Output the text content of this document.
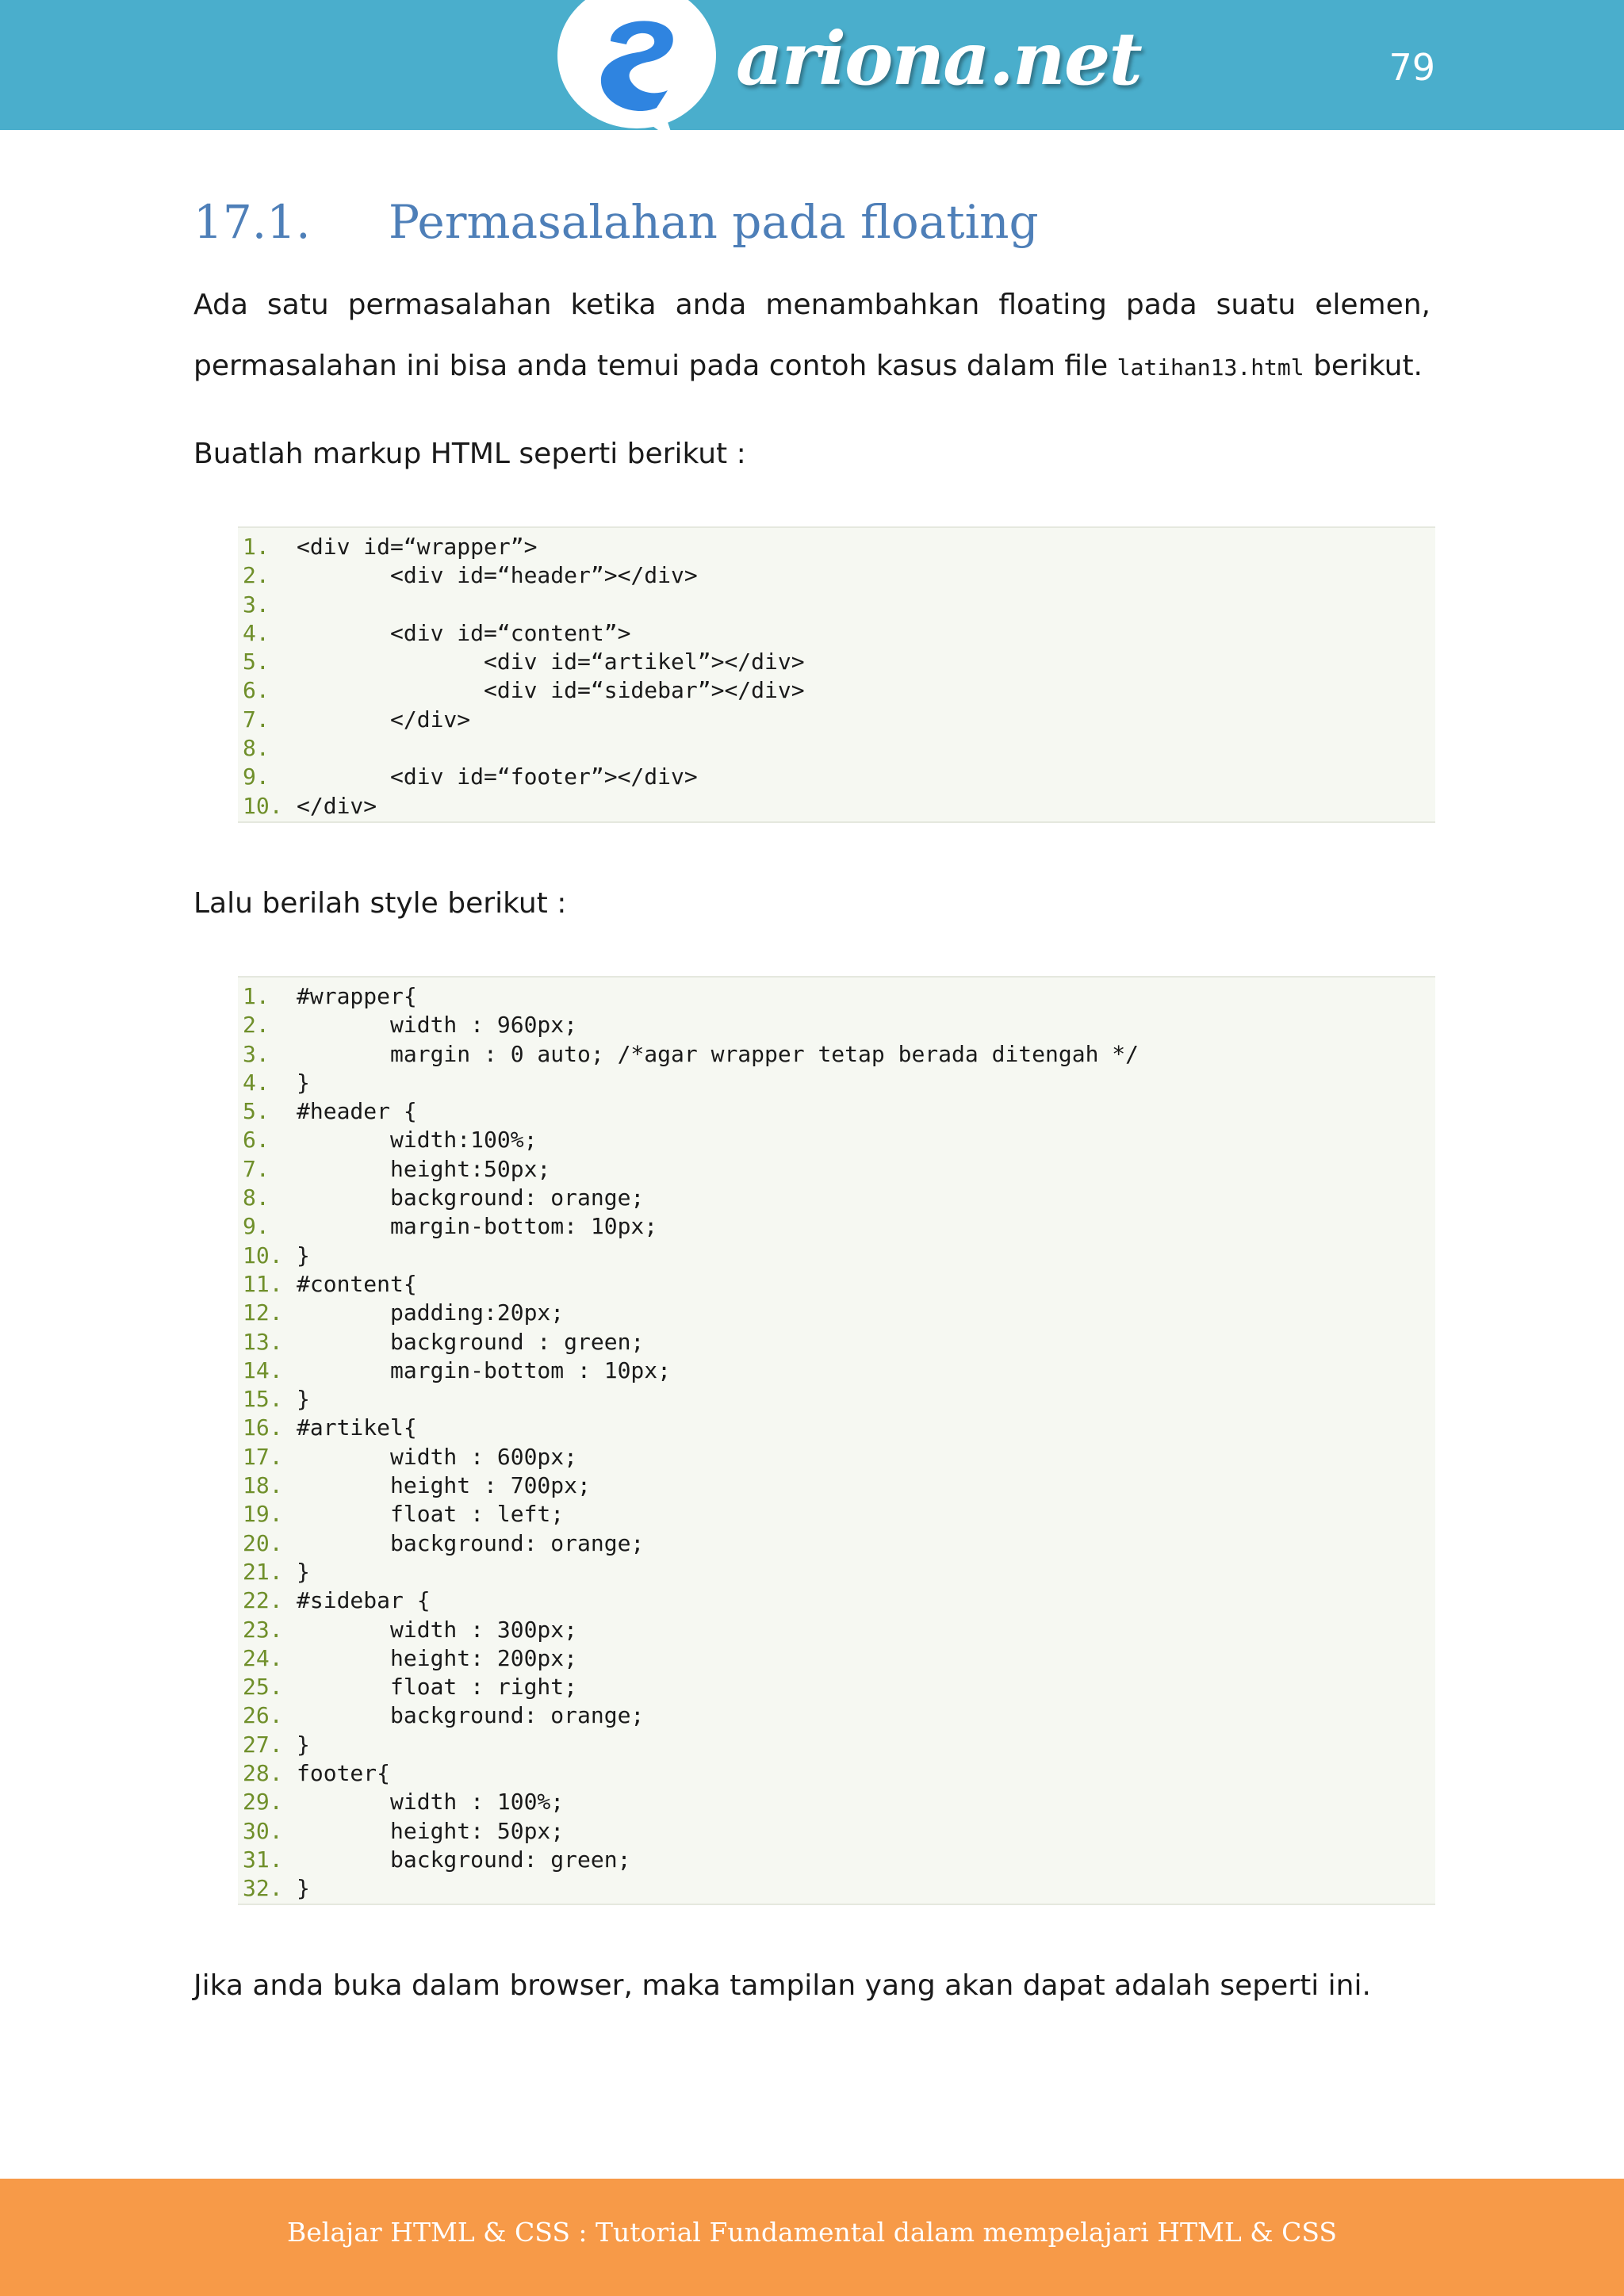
ariona.net	79
17.1. Permasalahan pada floating

Ada satu permasalahan ketika anda menambahkan floating pada suatu elemen,
permasalahan ini bisa anda temui pada contoh kasus dalam file latihan13.html berikut.

Buatlah markup HTML seperti berikut :

1. <div id=“wrapper”>
2.       <div id=“header”></div>
3.
4.       <div id=“content”>
5.              <div id=“artikel”></div>
6.              <div id=“sidebar”></div>
7.       </div>
8.
9.       <div id=“footer”></div>
10. </div>

Lalu berilah style berikut :

1. #wrapper{
2.       width : 960px;
3.       margin : 0 auto; /*agar wrapper tetap berada ditengah */
4. }
5. #header {
6.       width:100%;
7.       height:50px;
8.       background: orange;
9.       margin-bottom: 10px;
10. }
11. #content{
12.       padding:20px;
13.       background : green;
14.       margin-bottom : 10px;
15. }
16. #artikel{
17.       width : 600px;
18.       height : 700px;
19.       float : left;
20.       background: orange;
21. }
22. #sidebar {
23.       width : 300px;
24.       height: 200px;
25.       float : right;
26.       background: orange;
27. }
28. footer{
29.       width : 100%;
30.       height: 50px;
31.       background: green;
32. }

Jika anda buka dalam browser, maka tampilan yang akan dapat adalah seperti ini.

Belajar HTML & CSS : Tutorial Fundamental dalam mempelajari HTML & CSS
